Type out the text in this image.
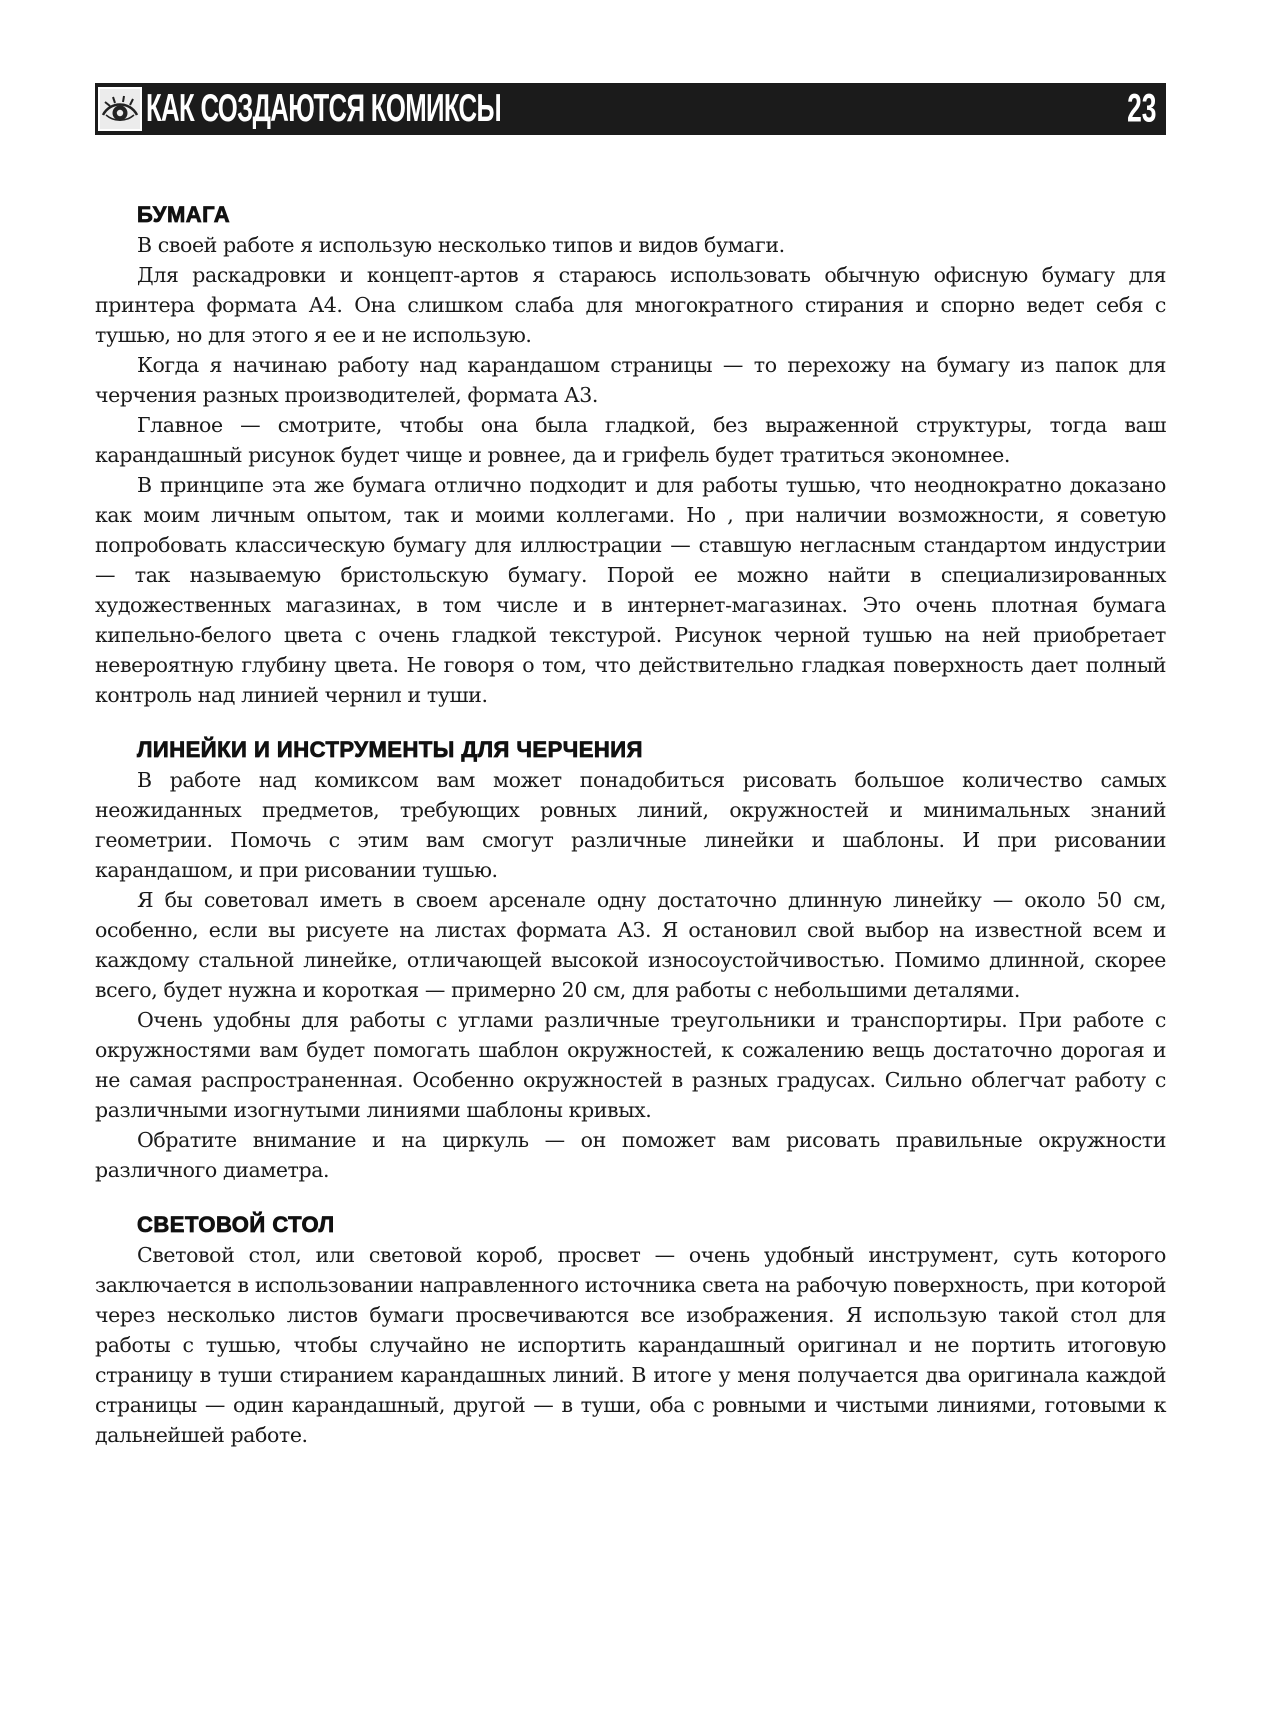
КАК СОЗДАЮТСЯ КОМИКСЫ	23
БУМАГА

В своей работе я использую несколько типов и видов бумаги.

Для раскадровки и концепт-артов я стараюсь использовать обычную офисную бумагу для принтера формата А4. Она слишком слаба для многократного стирания и спорно ведет себя с тушью, но для этого я ее и не использую.

Когда я начинаю работу над карандашом страницы — то перехожу на бумагу из папок для черчения разных производителей, формата А3.

Главное — смотрите, чтобы она была гладкой, без выраженной структуры, тогда ваш карандашный рисунок будет чище и ровнее, да и грифель будет тратиться экономнее.

В принципе эта же бумага отлично подходит и для работы тушью, что неоднократно доказано как моим личным опытом, так и моими коллегами. Но , при наличии возможности, я советую попробовать классическую бумагу для иллюстрации — ставшую негласным стандартом индустрии — так называемую бристольскую бумагу. Порой ее можно найти в специализированных художественных магазинах, в том числе и в интернет-магазинах. Это очень плотная бумага кипельно-белого цвета с очень гладкой текстурой. Рисунок черной тушью на ней приобретает невероятную глубину цвета. Не говоря о том, что действительно гладкая поверхность дает полный контроль над линией чернил и туши.

ЛИНЕЙКИ И ИНСТРУМЕНТЫ ДЛЯ ЧЕРЧЕНИЯ

В работе над комиксом вам может понадобиться рисовать большое количество самых неожиданных предметов, требующих ровных линий, окружностей и минимальных знаний геометрии. Помочь с этим вам смогут различные линейки и шаблоны. И при рисовании карандашом, и при рисовании тушью.

Я бы советовал иметь в своем арсенале одну достаточно длинную линейку — около 50 см, особенно, если вы рисуете на листах формата А3. Я остановил свой выбор на известной всем и каждому стальной линейке, отличающей высокой износоустойчивостью. Помимо длинной, скорее всего, будет нужна и короткая — примерно 20 см, для работы с небольшими деталями.

Очень удобны для работы с углами различные треугольники и транспортиры. При работе с окружностями вам будет помогать шаблон окружностей, к сожалению вещь достаточно дорогая и не самая распространенная. Особенно окружностей в разных градусах. Сильно облегчат работу с различными изогнутыми линиями шаблоны кривых.

Обратите внимание и на циркуль — он поможет вам рисовать правильные окружности различного диаметра.

СВЕТОВОЙ СТОЛ

Световой стол, или световой короб, просвет — очень удобный инструмент, суть которого заключается в использовании направленного источника света на рабочую поверхность, при которой через несколько листов бумаги просвечиваются все изображения. Я использую такой стол для работы с тушью, чтобы случайно не испортить карандашный оригинал и не портить итоговую страницу в туши стиранием карандашных линий. В итоге у меня получается два оригинала каждой страницы — один карандашный, другой — в туши, оба с ровными и чистыми линиями, готовыми к дальнейшей работе.
